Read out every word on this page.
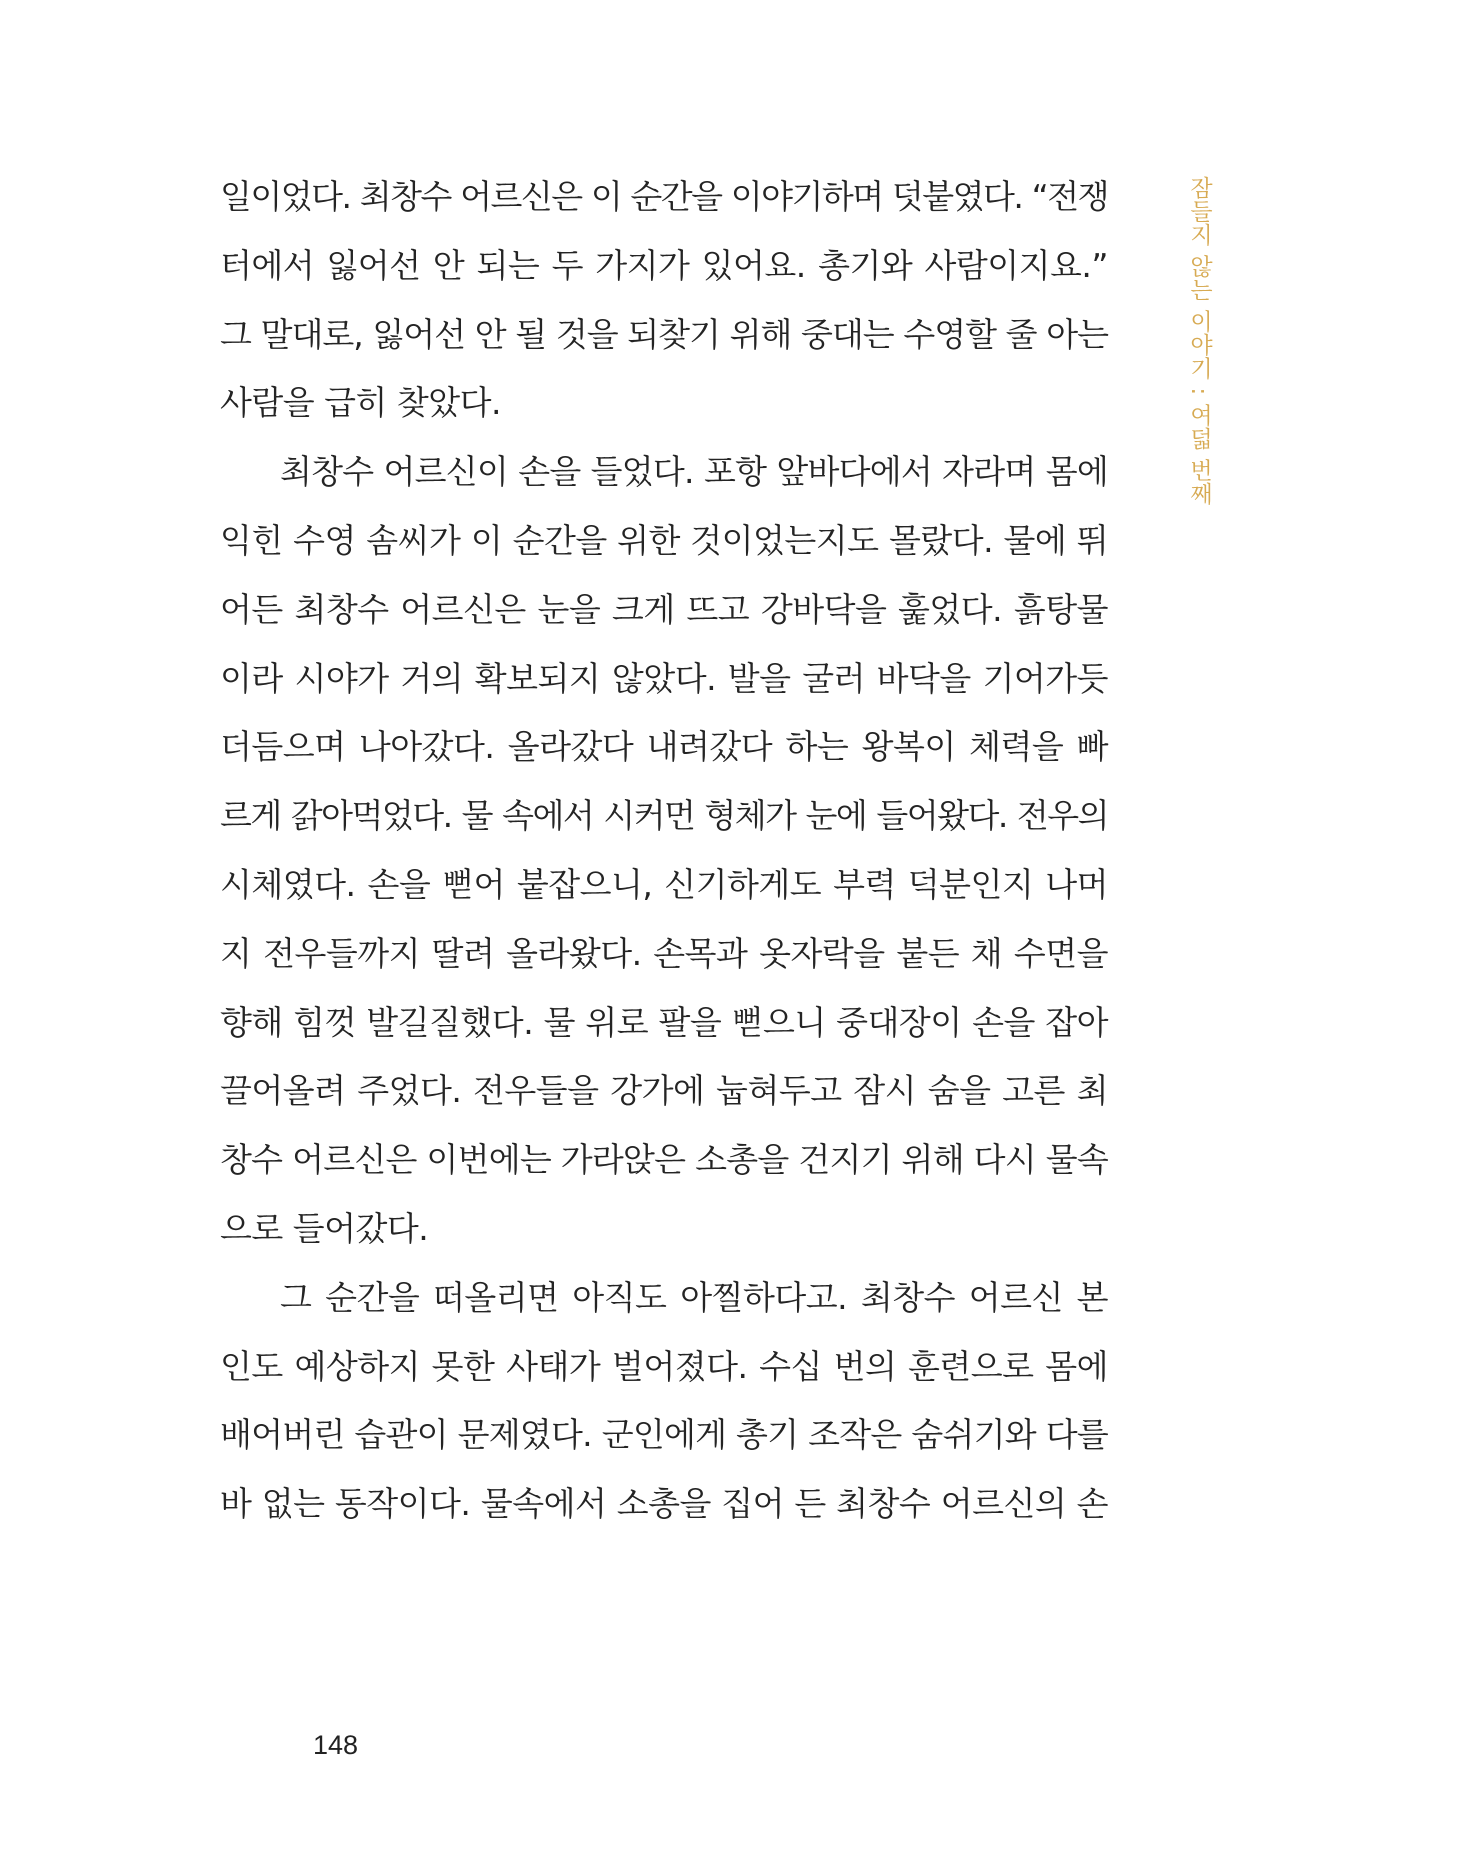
일이었다. 최창수 어르신은 이 순간을 이야기하며 덧붙였다. “전쟁
터에서 잃어선 안 되는 두 가지가 있어요. 총기와 사람이지요.”
그 말대로, 잃어선 안 될 것을 되찾기 위해 중대는 수영할 줄 아는
사람을 급히 찾았다.
최창수 어르신이 손을 들었다. 포항 앞바다에서 자라며 몸에
익힌 수영 솜씨가 이 순간을 위한 것이었는지도 몰랐다. 물에 뛰
어든 최창수 어르신은 눈을 크게 뜨고 강바닥을 훑었다. 흙탕물
이라 시야가 거의 확보되지 않았다. 발을 굴러 바닥을 기어가듯
더듬으며 나아갔다. 올라갔다 내려갔다 하는 왕복이 체력을 빠
르게 갉아먹었다. 물 속에서 시커먼 형체가 눈에 들어왔다. 전우의
시체였다. 손을 뻗어 붙잡으니, 신기하게도 부력 덕분인지 나머
지 전우들까지 딸려 올라왔다. 손목과 옷자락을 붙든 채 수면을
향해 힘껏 발길질했다. 물 위로 팔을 뻗으니 중대장이 손을 잡아
끌어올려 주었다. 전우들을 강가에 눕혀두고 잠시 숨을 고른 최
창수 어르신은 이번에는 가라앉은 소총을 건지기 위해 다시 물속
으로 들어갔다.
그 순간을 떠올리면 아직도 아찔하다고. 최창수 어르신 본
인도 예상하지 못한 사태가 벌어졌다. 수십 번의 훈련으로 몸에
배어버린 습관이 문제였다. 군인에게 총기 조작은 숨쉬기와 다를
바 없는 동작이다. 물속에서 소총을 집어 든 최창수 어르신의 손
잠들지 않는 이야기 : 여덟 번째
148
